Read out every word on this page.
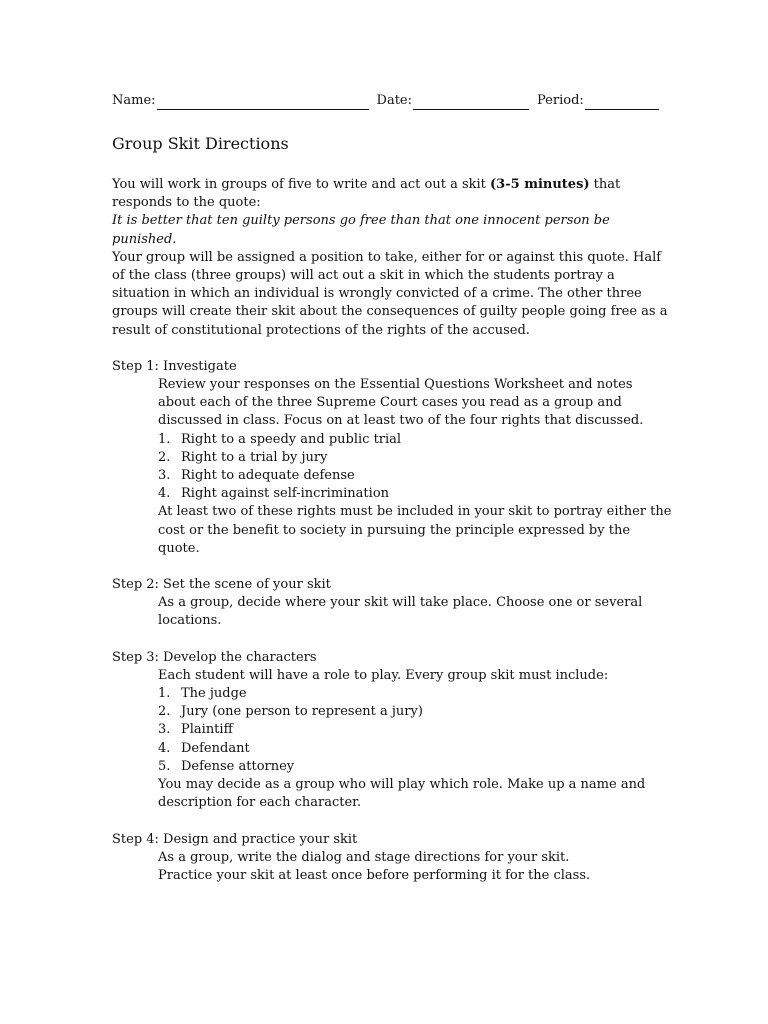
Name:	Date:	Period:
Group Skit Directions

You will work in groups of five to write and act out a skit (3-5 minutes) that responds to the quote:

It is better that ten guilty persons go free than that one innocent person be punished.

Your group will be assigned a position to take, either for or against this quote. Half of the class (three groups) will act out a skit in which the students portray a situation in which an individual is wrongly convicted of a crime. The other three groups will create their skit about the consequences of guilty people going free as a result of constitutional protections of the rights of the accused.

Step 1: Investigate

Review your responses on the Essential Questions Worksheet and notes about each of the three Supreme Court cases you read as a group and discussed in class. Focus on at least two of the four rights that discussed.

1. Right to a speedy and public trial
2. Right to a trial by jury
3. Right to adequate defense
4. Right against self-incrimination

At least two of these rights must be included in your skit to portray either the cost or the benefit to society in pursuing the principle expressed by the quote.

Step 2: Set the scene of your skit

As a group, decide where your skit will take place. Choose one or several locations.

Step 3: Develop the characters

Each student will have a role to play. Every group skit must include:

1. The judge
2. Jury (one person to represent a jury)
3. Plaintiff
4. Defendant
5. Defense attorney

You may decide as a group who will play which role. Make up a name and description for each character.

Step 4: Design and practice your skit

As a group, write the dialog and stage directions for your skit.

Practice your skit at least once before performing it for the class.
